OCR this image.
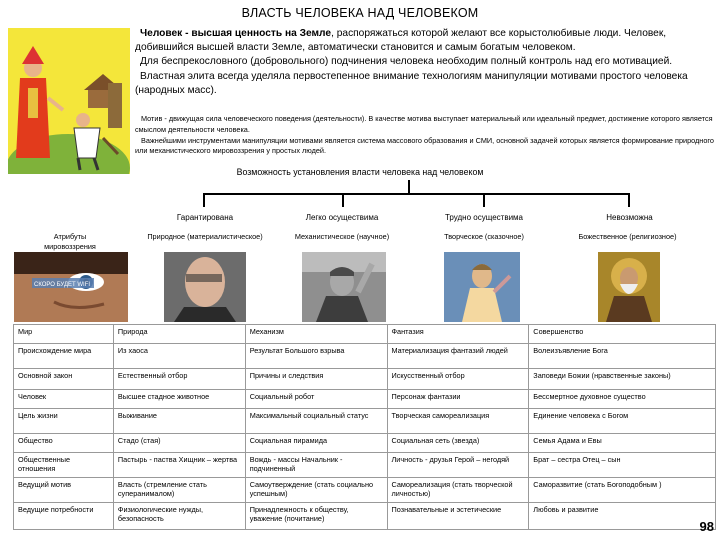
ВЛАСТЬ ЧЕЛОВЕКА НАД ЧЕЛОВЕКОМ

Человек - высшая ценность на Земле, распоряжаться которой желают все корыстолюбивые люди. Человек, добившийся высшей власти Земле, автоматически становится и самым богатым человеком.

Для беспрекословного (добровольного) подчинения человека необходим полный контроль над его мотивацией.

Властная элита всегда уделяла первостепенное внимание технологиям манипуляции мотивами простого человека (народных масс).

Мотив - движущая сила человеческого поведения (деятельности). В качестве мотива выступает материальный или идеальный предмет, достижение которого является смыслом деятельности человека.

Важнейшими инструментами манипуляции мотивами является система массового образования и СМИ, основной задачей которых является формирование природного или механистического мировоззрения у простых людей.

Возможность установления власти человека над человеком
Гарантирована	Легко осуществима	Трудно осуществима	Невозможна
Атрибуты мировоззрения
Природное (материалистическое)	Механистическое (научное)	Творческое (сказочное)	Божественное (религиозное)
СКОРО БУДЕТ WIFI
Мир	Природа	Механизм	Фантазия	Совершенство
Происхождение мира	Из хаоса	Результат Большого взрыва	Материализация фантазий людей	Волеизъявление Бога
Основной закон	Естественный отбор	Причины и следствия	Искусственный отбор	Заповеди Божии (нравственные законы)
Человек	Высшее стадное животное	Социальный робот	Персонаж фантазии	Бессмертное духовное существо
Цель жизни	Выживание	Максимальный социальный статус	Творческая самореализация	Единение человека с Богом
Общество	Стадо (стая)	Социальная пирамида	Социальная сеть (звезда)	Семья Адама и Евы
Общественные отношения	Пастырь - паства Хищник – жертва	Вождь - массы Начальник - подчиненный	Личность - друзья Герой – негодяй	Брат – сестра Отец – сын
Ведущий мотив	Власть (стремление стать суперанималом)	Самоутверждение (стать социально успешным)	Самореализация (стать творческой личностью)	Саморазвитие (стать Богоподобным )
Ведущие потребности	Физиологические нужды, безопасность	Принадлежность к обществу, уважение (почитание)	Познавательные и эстетические	Любовь и развитие
98
